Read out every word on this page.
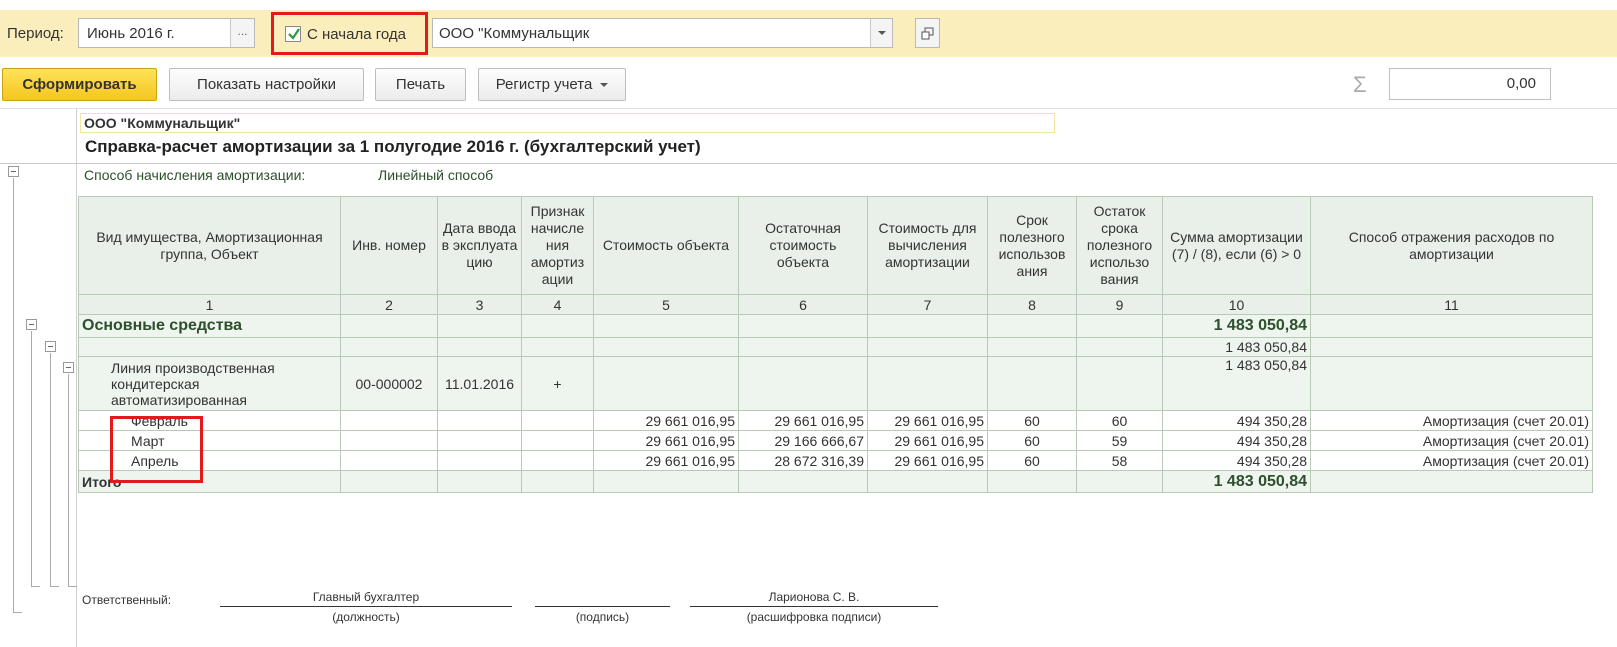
Период: Июнь 2016 г.	...	С начала года ООО "Коммунальщик
Сформировать	Показать настройки	Печать	Регистр учета	Σ	0,00
ООО "Коммунальщик"
Справка-расчет амортизации за 1 полугодие 2016 г. (бухгалтерский учет)
Способ начисления амортизации:	Линейный способ
Вид имущества, Амортизационная группа, Объект	Инв. номер	Дата ввода в эксплуата цию	Признак начисле ния амортиз ации	Стоимость объекта	Остаточная стоимость объекта	Стоимость для вычисления амортизации	Срок полезного использов ания	Остаток срока полезного использо вания	Сумма амортизации (7) / (8), если (6) > 0	Способ отражения расходов по амортизации
1	2	3	4	5	6	7	8	9	10	11
Основные средства									1 483 050,84	
									1 483 050,84	
Линия производственная кондитерская автоматизированная	00-000002	11.01.2016	+						1 483 050,84	
Февраль				29 661 016,95	29 661 016,95	29 661 016,95	60	60	494 350,28	Амортизация (счет 20.01)
Март				29 661 016,95	29 166 666,67	29 661 016,95	60	59	494 350,28	Амортизация (счет 20.01)
Апрель				29 661 016,95	28 672 316,39	29 661 016,95	60	58	494 350,28	Амортизация (счет 20.01)
Итого									1 483 050,84	
Ответственный:	Главный бухгалтер
(должность)	(подпись)
Ларионова С. В.
(расшифровка подписи)
